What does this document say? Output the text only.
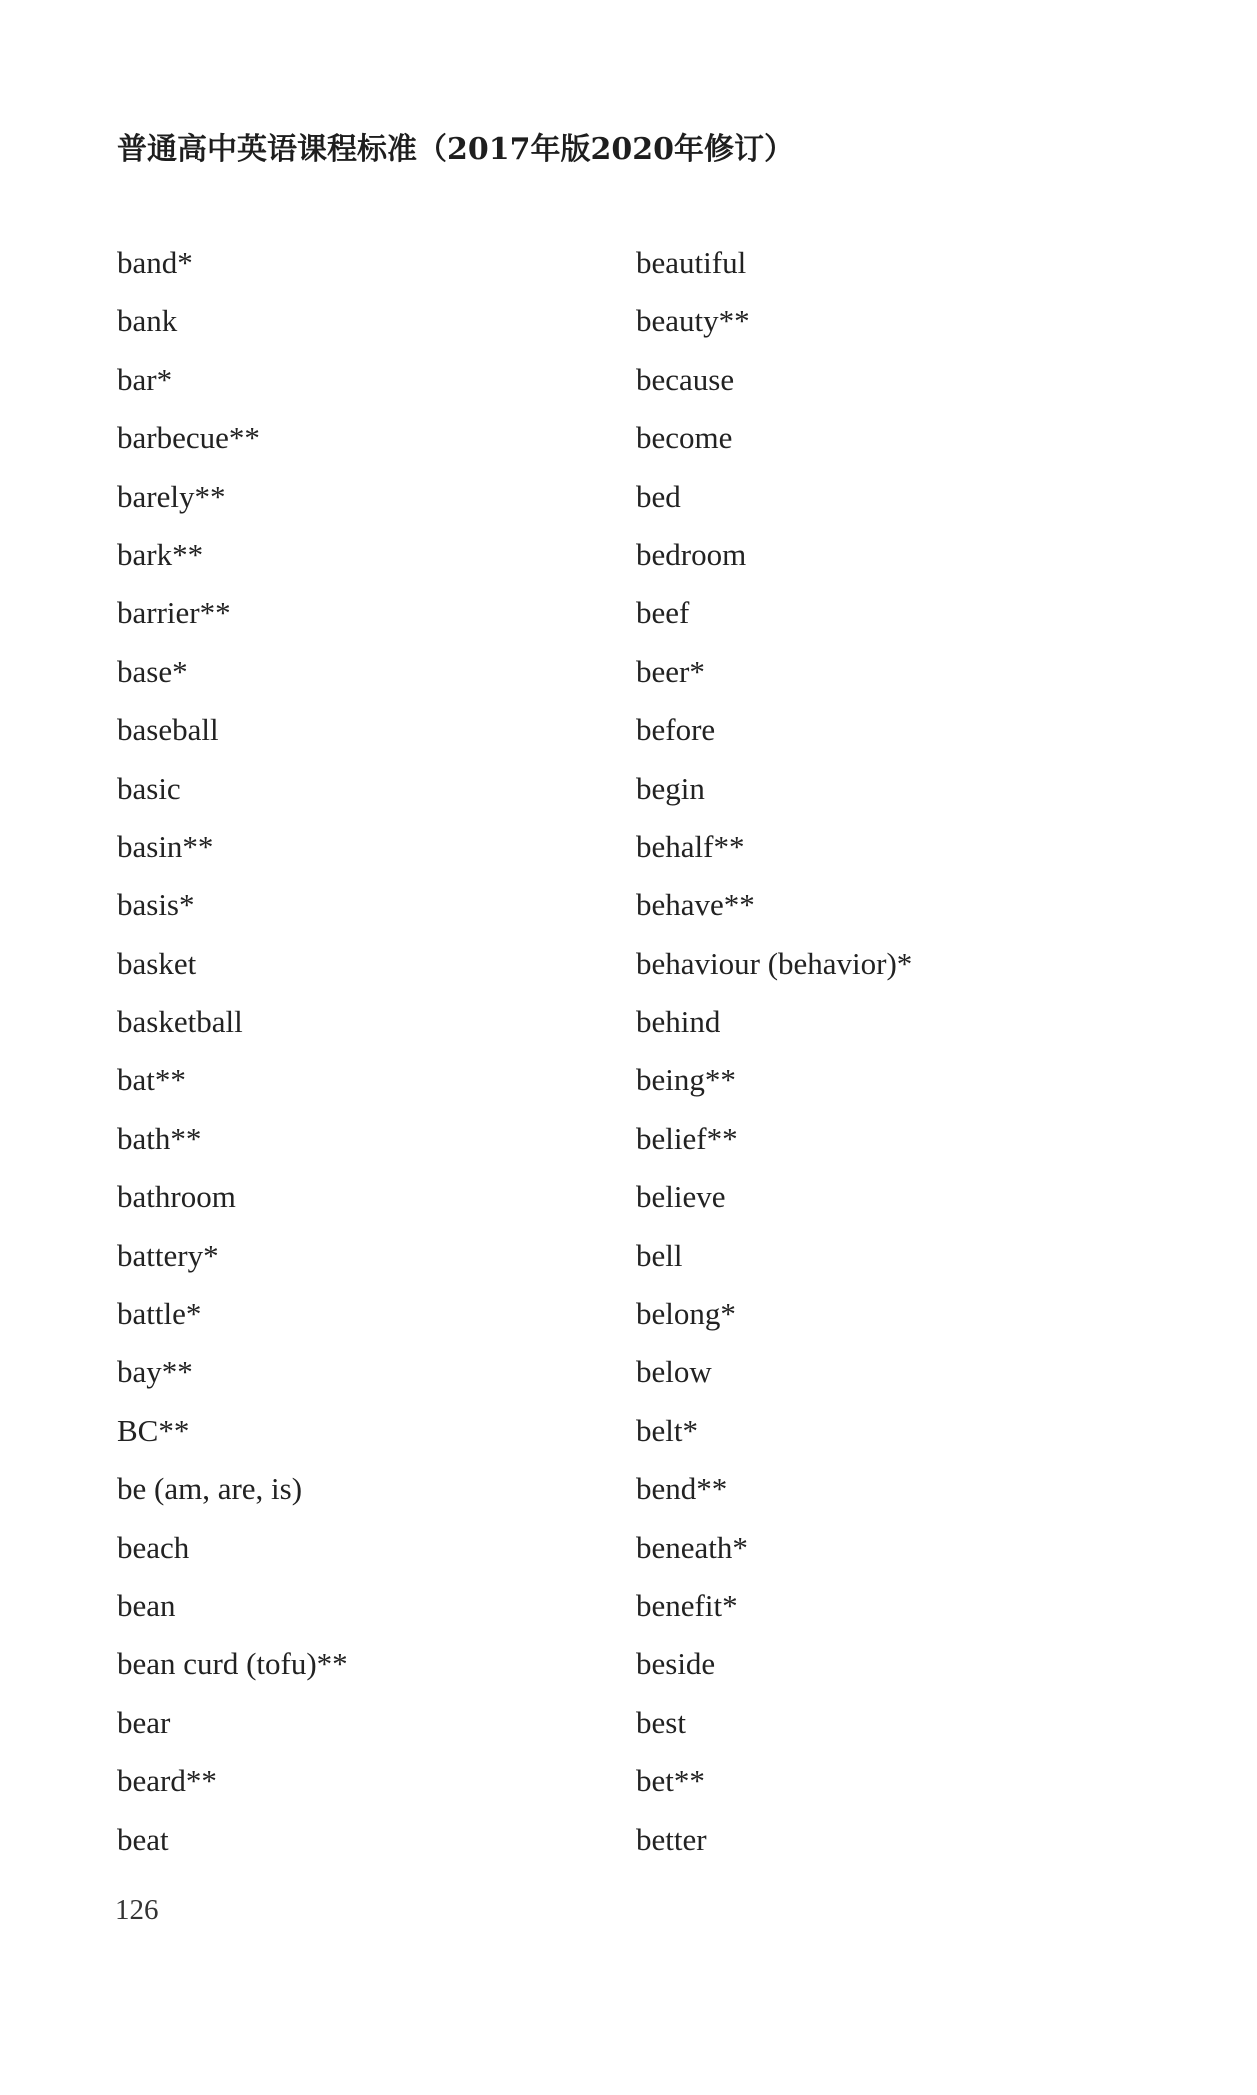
普通高中英语课程标准（2017年版2020年修订）
band*
bank
bar*
barbecue**
barely**
bark**
barrier**
base*
baseball
basic
basin**
basis*
basket
basketball
bat**
bath**
bathroom
battery*
battle*
bay**
BC**
be (am, are, is)
beach
bean
bean curd (tofu)**
bear
beard**
beat
beautiful
beauty**
because
become
bed
bedroom
beef
beer*
before
begin
behalf**
behave**
behaviour (behavior)*
behind
being**
belief**
believe
bell
belong*
below
belt*
bend**
beneath*
benefit*
beside
best
bet**
better
126
